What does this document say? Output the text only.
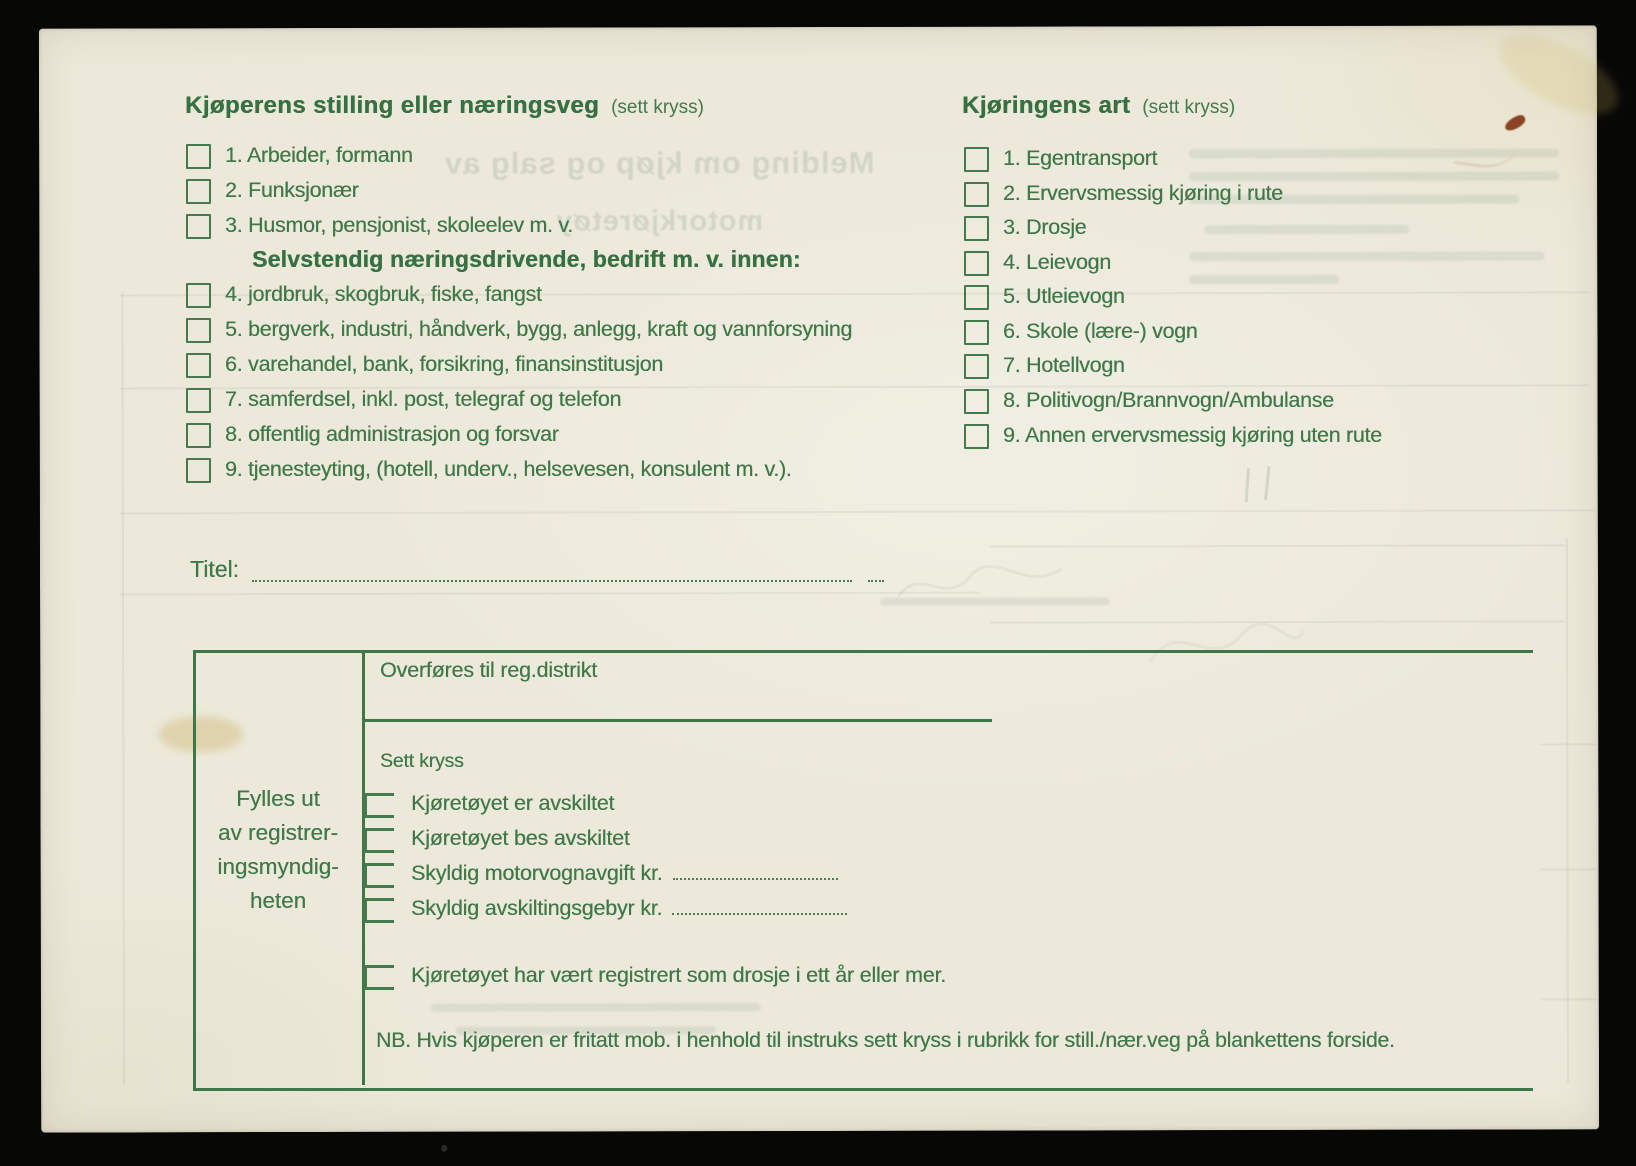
Melding om kjøp og salg av
motorkjøretøy
Kjøperens stilling eller næringsveg (sett kryss)
1. Arbeider, formann
2. Funksjonær
3. Husmor, pensjonist, skoleelev m. v.
Selvstendig næringsdrivende, bedrift m. v. innen:
4. jordbruk, skogbruk, fiske, fangst
5. bergverk, industri, håndverk, bygg, anlegg, kraft og vannforsyning
6. varehandel, bank, forsikring, finansinstitusjon
7. samferdsel, inkl. post, telegraf og telefon
8. offentlig administrasjon og forsvar
9. tjenesteyting, (hotell, underv., helsevesen, konsulent m. v.).
Kjøringens art (sett kryss)
1. Egentransport
2. Ervervsmessig kjøring i rute
3. Drosje
4. Leievogn
5. Utleievogn
6. Skole (lære-) vogn
7. Hotellvogn
8. Politivogn/Brannvogn/Ambulanse
9. Annen ervervsmessig kjøring uten rute
Titel:
Fylles ut
av registrer-
ingsmyndig-
heten
Overføres til reg.distrikt
Sett kryss
Kjøretøyet er avskiltet
Kjøretøyet bes avskiltet
Skyldig motorvognavgift kr.
Skyldig avskiltingsgebyr kr.
Kjøretøyet har vært registrert som drosje i ett år eller mer.
NB. Hvis kjøperen er fritatt mob. i henhold til instruks sett kryss i rubrikk for still./nær.veg på blankettens forside.
